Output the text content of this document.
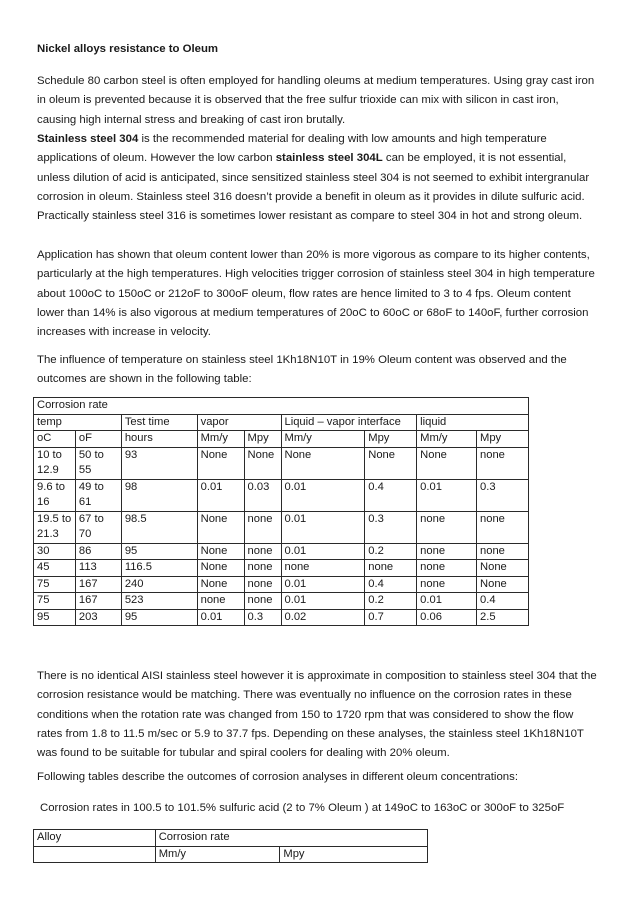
Nickel alloys resistance to Oleum

Schedule 80 carbon steel is often employed for handling oleums at medium temperatures. Using gray cast iron in oleum is prevented because it is observed that the free sulfur trioxide can mix with silicon in cast iron, causing high internal stress and breaking of cast iron brutally.

Stainless steel 304 is the recommended material for dealing with low amounts and high temperature applications of oleum. However the low carbon stainless steel 304L can be employed, it is not essential, unless dilution of acid is anticipated, since sensitized stainless steel 304 is not seemed to exhibit intergranular corrosion in oleum. Stainless steel 316 doesn’t provide a benefit in oleum as it provides in dilute sulfuric acid. Practically stainless steel 316 is sometimes lower resistant as compare to steel 304 in hot and strong oleum.

Application has shown that oleum content lower than 20% is more vigorous as compare to its higher contents, particularly at the high temperatures. High velocities trigger corrosion of stainless steel 304 in high temperature about 100oC to 150oC or 212oF to 300oF oleum, flow rates are hence limited to 3 to 4 fps. Oleum content lower than 14% is also vigorous at medium temperatures of 20oC to 60oC or 68oF to 140oF, further corrosion increases with increase in velocity.

The influence of temperature on stainless steel 1Kh18N10T in 19% Oleum content was observed and the outcomes are shown in the following table:

Corrosion rate								
temp		Test time	vapor		Liquid – vapor interface		liquid	
oC	oF	hours	Mm/y	Mpy	Mm/y	Mpy	Mm/y	Mpy
10 to 12.9	50 to 55	93	None	None	None	None	None	none
9.6 to 16	49 to 61	98	0.01	0.03	0.01	0.4	0.01	0.3
19.5 to 21.3	67 to 70	98.5	None	none	0.01	0.3	none	none
30	86	95	None	none	0.01	0.2	none	none
45	113	116.5	None	none	none	none	none	None
75	167	240	None	none	0.01	0.4	none	None
75	167	523	none	none	0.01	0.2	0.01	0.4
95	203	95	0.01	0.3	0.02	0.7	0.06	2.5

There is no identical AISI stainless steel however it is approximate in composition to stainless steel 304 that the corrosion resistance would be matching. There was eventually no influence on the corrosion rates in these conditions when the rotation rate was changed from 150 to 1720 rpm that was considered to show the flow rates from 1.8 to 11.5 m/sec or 5.9 to 37.7 fps. Depending on these analyses, the stainless steel 1Kh18N10T was found to be suitable for tubular and spiral coolers for dealing with 20% oleum.

Following tables describe the outcomes of corrosion analyses in different oleum concentrations:

Corrosion rates in 100.5 to 101.5% sulfuric acid (2 to 7% Oleum ) at 149oC to 163oC or 300oF to 325oF

Alloy	Corrosion rate	
	Mm/y	Mpy
